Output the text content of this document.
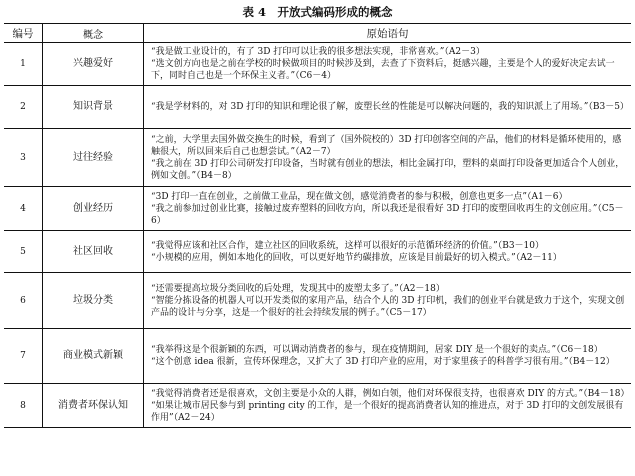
表 4　开放式编码形成的概念
编号	概念	原始语句
1	兴趣爱好	“我是做工业设计的，有了 3D 打印可以让我的很多想法实现，非常喜欢。”（A2－3）
“选文创方向也是之前在学校的时候做项目的时候涉及到，去查了下资料后，挺感兴趣，主要是个人的爱好决定去试一下，同时自己也是一个环保主义者。”（C6－4）

2	知识背景	“我是学材料的，对 3D 打印的知识和理论很了解，废塑长丝的性能是可以解决问题的，我的知识派上了用场。”（B3－5）

3	过往经验	“之前，大学里去国外做交换生的时候，看到了（国外院校的）3D 打印创客空间的产品，他们的材料是循环使用的，感触很大，所以回来后自己也想尝试。”（A2－7）
“我之前在 3D 打印公司研发打印设备，当时就有创业的想法，相比金属打印，塑料的桌面打印设备更加适合个人创业，例如文创。”（B4－8）

4	创业经历	“3D 打印一直在创业，之前做工业品，现在做文创，感觉消费者的参与积极，创意也更多一点”（A1－6）
“我之前参加过创业比赛，接触过废弃塑料的回收方向，所以我还是很看好 3D 打印的废塑回收再生的文创应用。”（C5－6）

5	社区回收	“我觉得应该和社区合作，建立社区的回收系统，这样可以很好的示范循环经济的价值。”（B3－10）
“小规模的应用，例如本地化的回收，可以更好地节约碳排放，应该是目前最好的切入模式。”（A2－11）

6	垃圾分类	“还需要提高垃圾分类回收的后处理，发现其中的废塑太多了。”（A2－18）
“智能分拣设备的机器人可以开发类似的家用产品，结合个人的 3D 打印机，我们的创业平台就是致力于这个，实现文创产品的设计与分享，这是一个很好的社会持续发展的例子。”（C5－17）

7	商业模式新颖	“我举得这是个很新颖的东西，可以调动消费者的参与，现在疫情期间，居家 DIY 是一个很好的卖点。”（C6－18）
“这个创意 idea 很新，宣传环保理念，又扩大了 3D 打印产业的应用，对于家里孩子的科普学习很有用。”（B4－12）

8	消费者环保认知	“我觉得消费者还是很喜欢，文创主要是小众的人群，例如白领，他们对环保很支持，也很喜欢 DIY 的方式。”（B4－18）
“如果让城市居民参与到 printing city 的工作，是一个很好的提高消费者认知的推进点，对于 3D 打印的文创发展很有作用”（A2－24）
